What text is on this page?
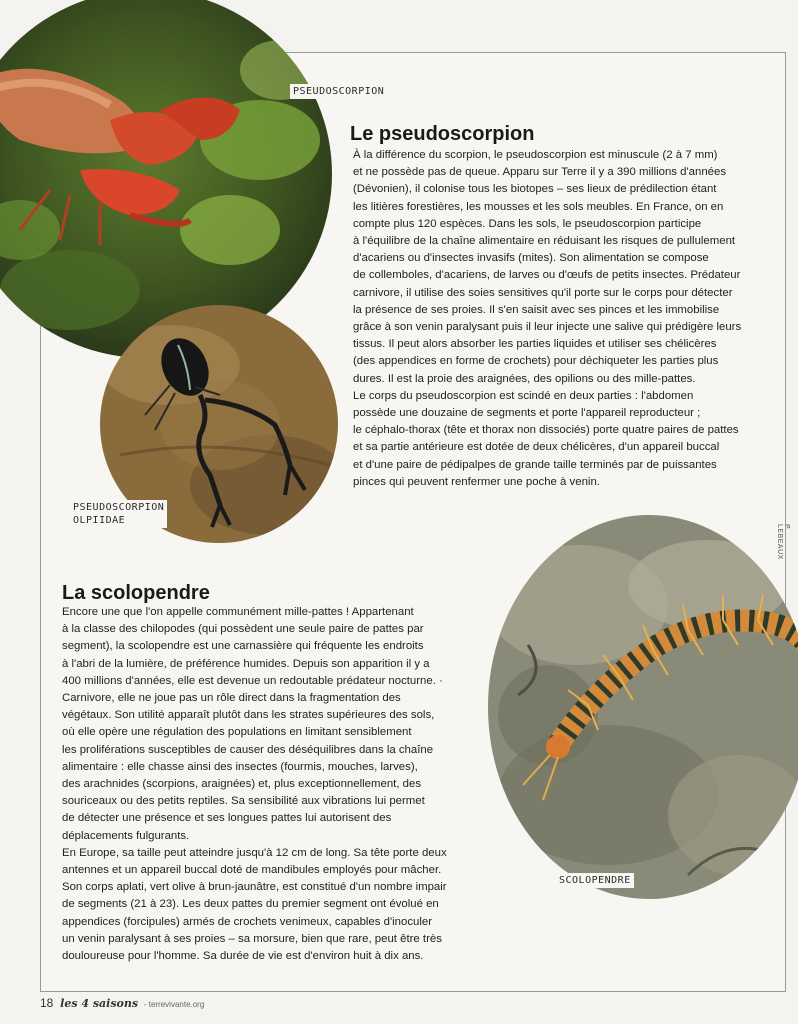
PSEUDOSCORPION
PSEUDOSCORPION
OLPIIDAE
SCOLOPENDRE
P. LEBEAUX
Le pseudoscorpion
À la différence du scorpion, le pseudoscorpion est minuscule (2 à 7 mm)
et ne possède pas de queue. Apparu sur Terre il y a 390 millions d'années
(Dévonien), il colonise tous les biotopes – ses lieux de prédilection étant
les litières forestières, les mousses et les sols meubles. En France, on en
compte plus 120 espèces. Dans les sols, le pseudoscorpion participe
à l'équilibre de la chaîne alimentaire en réduisant les risques de pullulement
d'acariens ou d'insectes invasifs (mites). Son alimentation se compose
de collemboles, d'acariens, de larves ou d'œufs de petits insectes. Prédateur
carnivore, il utilise des soies sensitives qu'il porte sur le corps pour détecter
la présence de ses proies. Il s'en saisit avec ses pinces et les immobilise
grâce à son venin paralysant puis il leur injecte une salive qui prédigère leurs
tissus. Il peut alors absorber les parties liquides et utiliser ses chélicères
(des appendices en forme de crochets) pour déchiqueter les parties plus
dures. Il est la proie des araignées, des opilions ou des mille-pattes.
Le corps du pseudoscorpion est scindé en deux parties : l'abdomen
possède une douzaine de segments et porte l'appareil reproducteur ;
le céphalo-thorax (tête et thorax non dissociés) porte quatre paires de pattes
et sa partie antérieure est dotée de deux chélicères, d'un appareil buccal
et d'une paire de pédipalpes de grande taille terminés par de puissantes
pinces qui peuvent renfermer une poche à venin.
La scolopendre
Encore une que l'on appelle communément mille-pattes ! Appartenant
à la classe des chilopodes (qui possèdent une seule paire de pattes par
segment), la scolopendre est une carnassière qui fréquente les endroits
à l'abri de la lumière, de préférence humides. Depuis son apparition il y a
400 millions d'années, elle est devenue un redoutable prédateur nocturne. ·
Carnivore, elle ne joue pas un rôle direct dans la fragmentation des
végétaux. Son utilité apparaît plutôt dans les strates supérieures des sols,
où elle opère une régulation des populations en limitant sensiblement
les proliférations susceptibles de causer des déséquilibres dans la chaîne
alimentaire : elle chasse ainsi des insectes (fourmis, mouches, larves),
des arachnides (scorpions, araignées) et, plus exceptionnellement, des
souriceaux ou des petits reptiles. Sa sensibilité aux vibrations lui permet
de détecter une présence et ses longues pattes lui autorisent des
déplacements fulgurants.
En Europe, sa taille peut atteindre jusqu'à 12 cm de long. Sa tête porte deux
antennes et un appareil buccal doté de mandibules employés pour mâcher.
Son corps aplati, vert olive à brun-jaunâtre, est constitué d'un nombre impair
de segments (21 à 23). Les deux pattes du premier segment ont évolué en
appendices (forcipules) armés de crochets venimeux, capables d'inoculer
un venin paralysant à ses proies – sa morsure, bien que rare, peut être très
douloureuse pour l'homme. Sa durée de vie est d'environ huit à dix ans.
18 les 4 saisons - terrevivante.org
